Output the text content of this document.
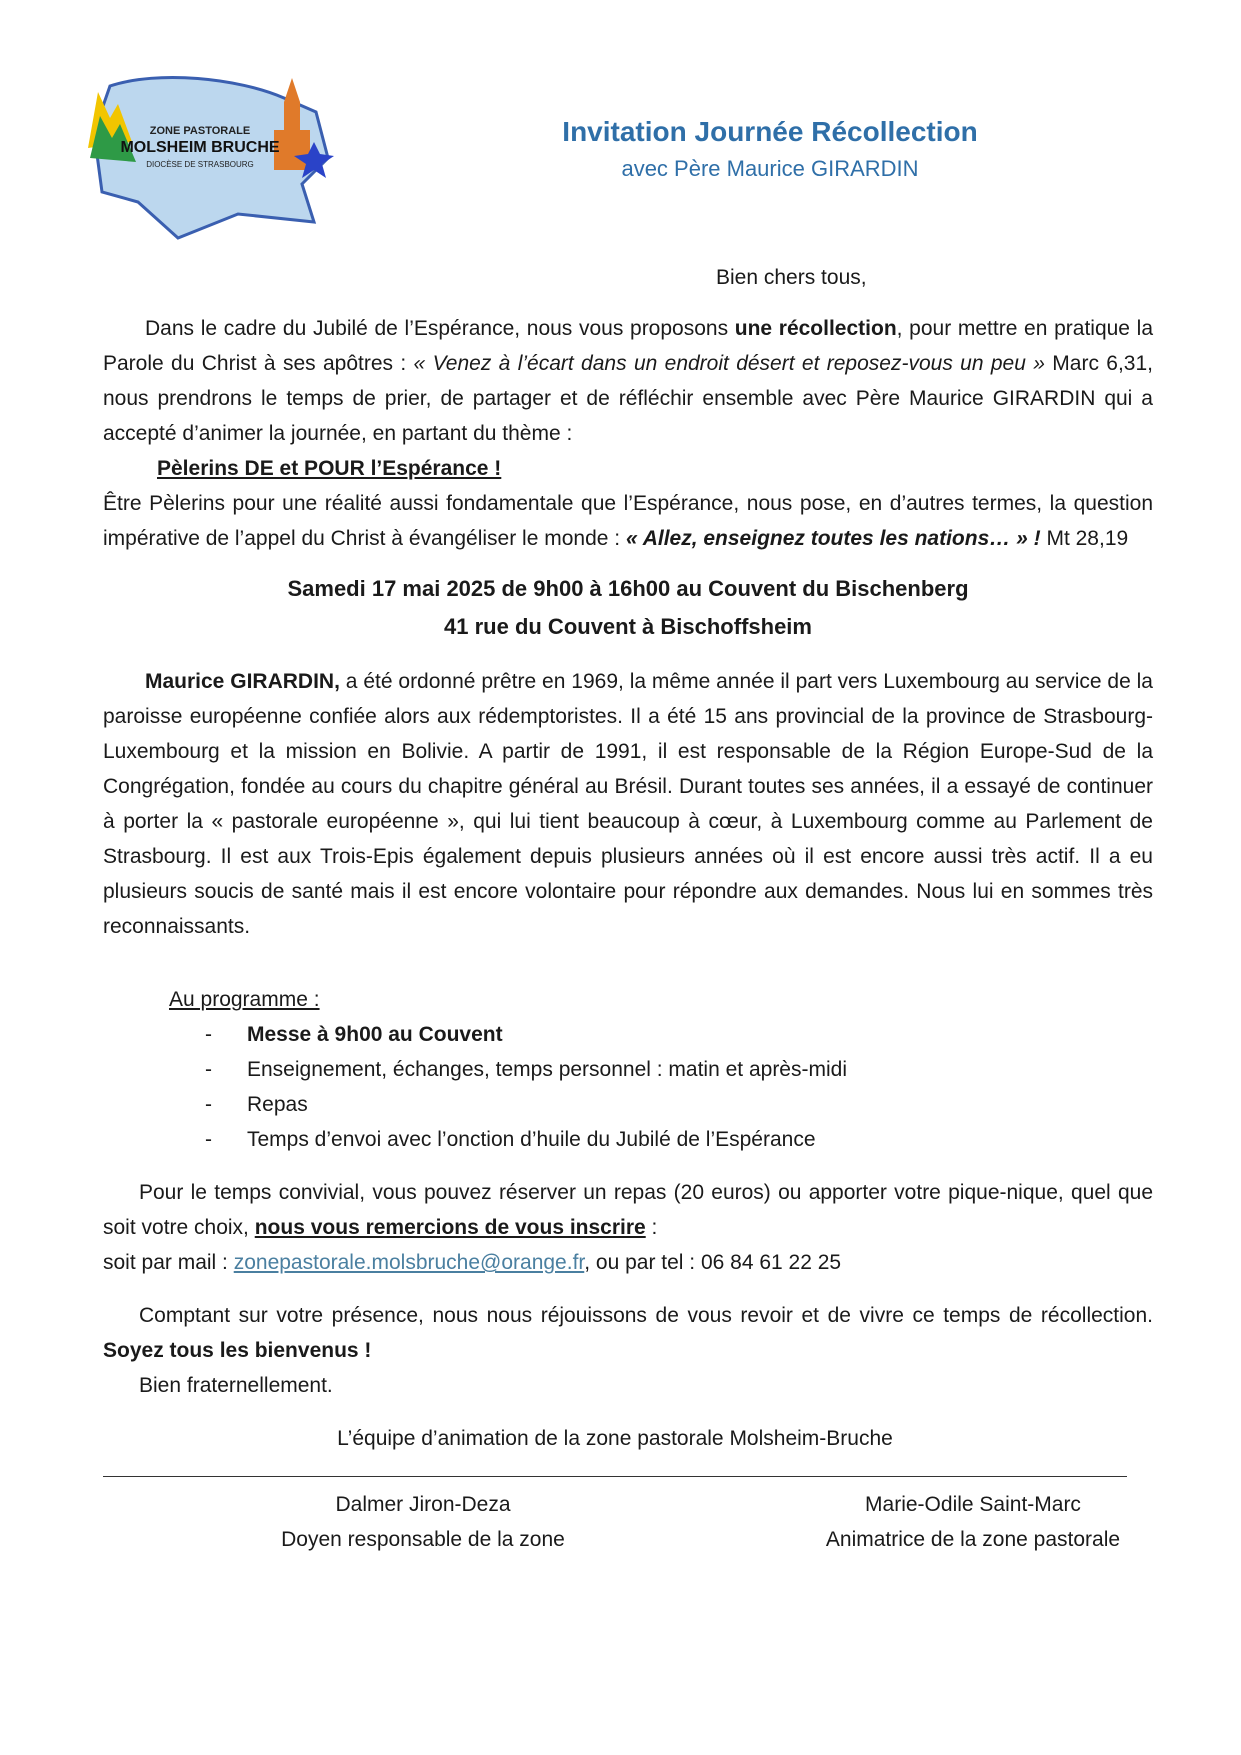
ZONE PASTORALE
MOLSHEIM BRUCHE
DIOCÈSE DE STRASBOURG

Invitation Journée Récollection

avec Père Maurice GIRARDIN

Bien chers tous,

Dans le cadre du Jubilé de l’Espérance, nous vous proposons une récollection, pour mettre en pratique la Parole du Christ à ses apôtres : « Venez à l’écart dans un endroit désert et reposez-vous un peu » Marc 6,31, nous prendrons le temps de prier, de partager et de réfléchir ensemble avec Père Maurice GIRARDIN qui a accepté d’animer la journée, en partant du thème :

Pèlerins DE et POUR l’Espérance !

Être Pèlerins pour une réalité aussi fondamentale que l’Espérance, nous pose, en d’autres termes, la question impérative de l’appel du Christ à évangéliser le monde : « Allez, enseignez toutes les nations… » ! Mt 28,19

Samedi 17 mai 2025 de 9h00 à 16h00 au Couvent du Bischenberg

41 rue du Couvent à Bischoffsheim

Maurice GIRARDIN, a été ordonné prêtre en 1969, la même année il part vers Luxembourg au service de la paroisse européenne confiée alors aux rédemptoristes. Il a été 15 ans provincial de la province de Strasbourg-Luxembourg et la mission en Bolivie. A partir de 1991, il est responsable de la Région Europe-Sud de la Congrégation, fondée au cours du chapitre général au Brésil. Durant toutes ses années, il a essayé de continuer à porter la « pastorale européenne », qui lui tient beaucoup à cœur, à Luxembourg comme au Parlement de Strasbourg. Il est aux Trois-Epis également depuis plusieurs années où il est encore aussi très actif. Il a eu plusieurs soucis de santé mais il est encore volontaire pour répondre aux demandes. Nous lui en sommes très reconnaissants.

Au programme :

- Messe à 9h00 au Couvent
- Enseignement, échanges, temps personnel : matin et après-midi
- Repas
- Temps d’envoi avec l’onction d’huile du Jubilé de l’Espérance

Pour le temps convivial, vous pouvez réserver un repas (20 euros) ou apporter votre pique-nique, quel que soit votre choix, nous vous remercions de vous inscrire :

soit par mail : zonepastorale.molsbruche@orange.fr, ou par tel : 06 84 61 22 25

Comptant sur votre présence, nous nous réjouissons de vous revoir et de vivre ce temps de récollection. Soyez tous les bienvenus !

Bien fraternellement.

L’équipe d’animation de la zone pastorale Molsheim-Bruche

Dalmer Jiron-Deza
Doyen responsable de la zone
Marie-Odile Saint-Marc
Animatrice de la zone pastorale
